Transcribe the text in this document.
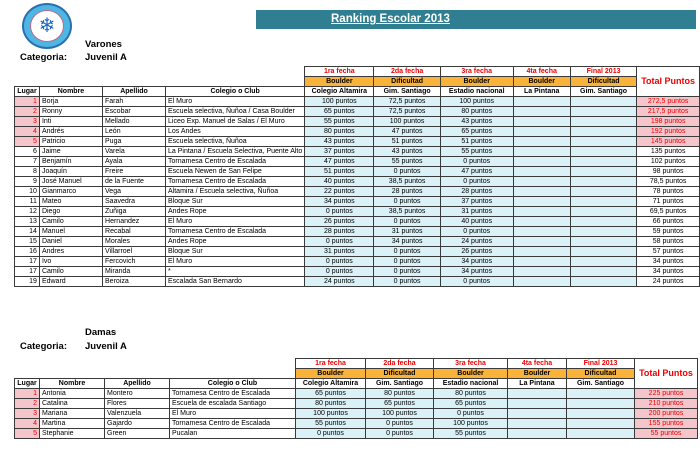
❄	Ranking Escolar 2013
Varones
Categoria: Juvenil A
				1ra fecha	2da fecha	3ra fecha	4ta fecha	Final 2013	Total Puntos
				Boulder	Dificultad	Boulder	Boulder	Dificultad	
Lugar	Nombre	Apellido	Colegio o Club	Colegio Altamira	Gim. Santiago	Estadio nacional	La Pintana	Gim. Santiago	
1	Borja	Farah	El Muro	100 puntos	72,5 puntos	100 puntos			272,5 puntos
2	Ronny	Escobar	Escuela selectiva, Ñuñoa / Casa Boulder	65 puntos	72,5 puntos	80 puntos			217,5 puntos
3	Inti	Mellado	Liceo Exp. Manuel de Salas / El Muro	55 puntos	100 puntos	43 puntos			198 puntos
4	Andrés	León	Los Andes	80 puntos	47 puntos	65 puntos			192 puntos
5	Patricio	Puga	Escuela selectiva, Ñuñoa	43 puntos	51 puntos	51 puntos			145 puntos
6	Jaime	Varela	La Pintana / Escuela Selectiva, Puente Alto	37 puntos	43 puntos	55 puntos			135 puntos
7	Benjamín	Ayala	Tornamesa Centro de Escalada	47 puntos	55 puntos	0 puntos			102 puntos
8	Joaquín	Freire	Escuela Newen de San Felipe	51 puntos	0 puntos	47 puntos			98 puntos
9	José Manuel	de la Fuente	Tornamesa Centro de Escalada	40 puntos	38,5 puntos	0 puntos			78,5 puntos
10	Gianmarco	Vega	Altamira / Escuela selectiva, Ñuñoa	22 puntos	28 puntos	28 puntos			78 puntos
11	Mateo	Saavedra	Bloque Sur	34 puntos	0 puntos	37 puntos			71 puntos
12	Diego	Zuñiga	Andes Rope	0 puntos	38,5 puntos	31 puntos			69,5 puntos
13	Camilo	Hernandez	El Muro	26 puntos	0 puntos	40 puntos			66 puntos
14	Manuel	Recabal	Tornamesa Centro de Escalada	28 puntos	31 puntos	0 puntos			59 puntos
15	Daniel	Morales	Andes Rope	0 puntos	34 puntos	24 puntos			58 puntos
16	Andres	Villarroel	Bloque Sur	31 puntos	0 puntos	26 puntos			57 puntos
17	Ivo	Fercovich	El Muro	0 puntos	0 puntos	34 puntos			34 puntos
17	Camilo	Miranda	*	0 puntos	0 puntos	34 puntos			34 puntos
19	Edward	Beroiza	Escalada San Bernardo	24 puntos	0 puntos	0 puntos			24 puntos
Damas
Categoria: Juvenil A
				1ra fecha	2da fecha	3ra fecha	4ta fecha	Final 2013	Total Puntos
				Boulder	Dificultad	Boulder	Boulder	Dificultad	
Lugar	Nombre	Apellido	Colegio o Club	Colegio Altamira	Gim. Santiago	Estadio nacional	La Pintana	Gim. Santiago	
1	Antonia	Montero	Tornamesa Centro de Escalada	65 puntos	80 puntos	80 puntos			225 puntos
2	Catalina	Flores	Escuela de escalada Santiago	80 puntos	65 puntos	65 puntos			210 puntos
3	Mariana	Valenzuela	El Muro	100 puntos	100 puntos	0 puntos			200 puntos
4	Martina	Gajardo	Tornamesa Centro de Escalada	55 puntos	0 puntos	100 puntos			155 puntos
5	Stephanie	Green	Pucalan	0 puntos	0 puntos	55 puntos			55 puntos
